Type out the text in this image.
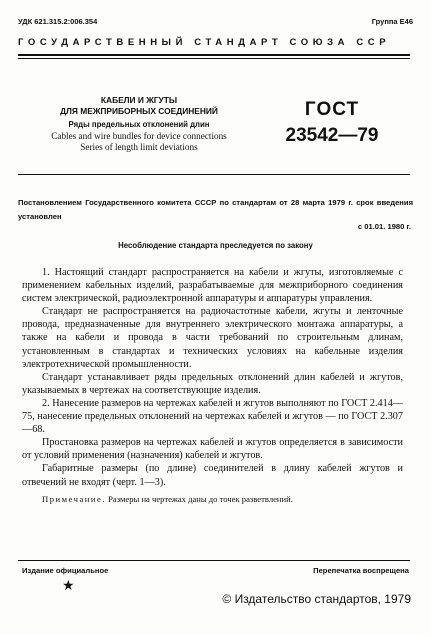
УДК 621.315.2:006.354	Группа Е46
ГОСУДАРСТВЕННЫЙ СТАНДАРТ СОЮЗА ССР
КАБЕЛИ И ЖГУТЫ
ДЛЯ МЕЖПРИБОРНЫХ СОЕДИНЕНИЙ
Ряды предельных отклонений длин
Cables and wire bundles for device connections
Series of length limit deviations
ГОСТ
23542—79
Постановлением Государственного комитета СССР по стандартам от 28 марта 1979 г. срок введения установлен
с 01.01. 1980 г.
Несоблюдение стандарта преследуется по закону

1. Настоящий стандарт распространяется на кабели и жгуты, изготовляемые с применением кабельных изделий, разрабатываемые для межприборного соединения систем электрической, радиоэлектронной аппаратуры и аппаратуры управления.

Стандарт не распространяется на радиочастотные кабели, жгуты и ленточные провода, предназначенные для внутреннего электрического монтажа аппаратуры, а также на кабели и провода в части требований по строительным длинам, установленным в стандартах и технических условиях на кабельные изделия электротехнической промышленности.

Стандарт устанавливает ряды предельных отклонений длин кабелей и жгутов, указываемых в чертежах на соответствующие изделия.

2. Нанесение размеров на чертежах кабелей и жгутов выполняют по ГОСТ 2.414—75, нанесение предельных отклонений на чертежах кабелей и жгутов — по ГОСТ 2.307—68.

Простановка размеров на чертежах кабелей и жгутов определяется в зависимости от условий применения (назначения) кабелей и жгутов.

Габаритные размеры (по длине) соединителей в длину кабелей жгутов и отвечений не входят (черт. 1—3).

Примечание. Размеры на чертежах даны до точек разветвлений.

Издание официальное
★
Перепечатка воспрещена
© Издательство стандартов, 1979
